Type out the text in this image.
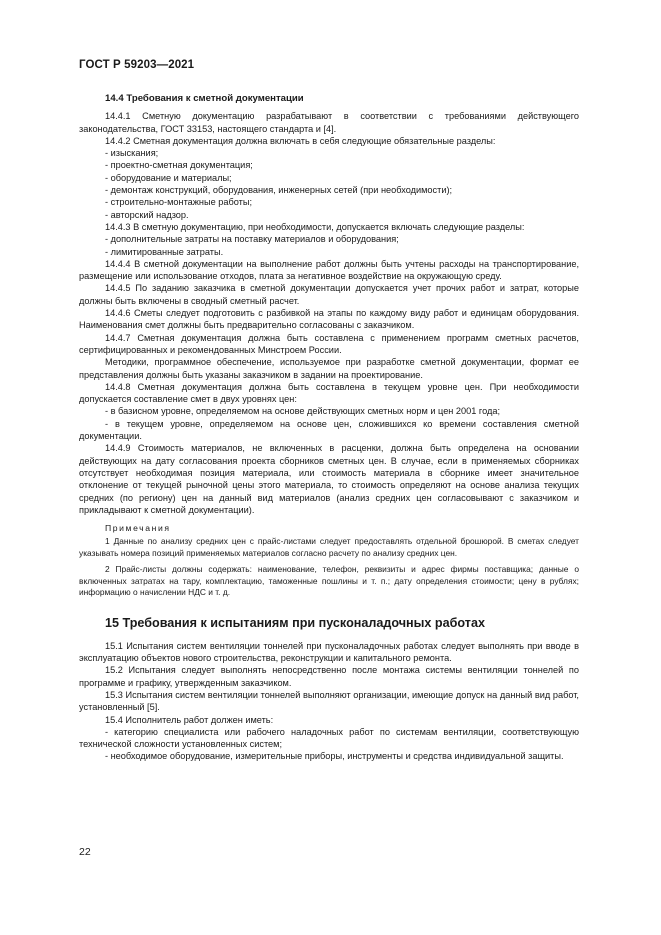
ГОСТ Р 59203—2021

14.4 Требования к сметной документации

14.4.1 Сметную документацию разрабатывают в соответствии с требованиями действующего законодательства, ГОСТ 33153, настоящего стандарта и [4].

14.4.2 Сметная документация должна включать в себя следующие обязательные разделы:

- изыскания;

- проектно-сметная документация;

- оборудование и материалы;

- демонтаж конструкций, оборудования, инженерных сетей (при необходимости);

- строительно-монтажные работы;

- авторский надзор.

14.4.3 В сметную документацию, при необходимости, допускается включать следующие разделы:

- дополнительные затраты на поставку материалов и оборудования;

- лимитированные затраты.

14.4.4 В сметной документации на выполнение работ должны быть учтены расходы на транспортирование, размещение или использование отходов, плата за негативное воздействие на окружающую среду.

14.4.5 По заданию заказчика в сметной документации допускается учет прочих работ и затрат, которые должны быть включены в сводный сметный расчет.

14.4.6 Сметы следует подготовить с разбивкой на этапы по каждому виду работ и единицам оборудования. Наименования смет должны быть предварительно согласованы с заказчиком.

14.4.7 Сметная документация должна быть составлена с применением программ сметных расчетов, сертифицированных и рекомендованных Минстроем России.

Методики, программное обеспечение, используемое при разработке сметной документации, формат ее представления должны быть указаны заказчиком в задании на проектирование.

14.4.8 Сметная документация должна быть составлена в текущем уровне цен. При необходимости допускается составление смет в двух уровнях цен:

- в базисном уровне, определяемом на основе действующих сметных норм и цен 2001 года;

- в текущем уровне, определяемом на основе цен, сложившихся ко времени составления сметной документации.

14.4.9 Стоимость материалов, не включенных в расценки, должна быть определена на основании действующих на дату согласования проекта сборников сметных цен. В случае, если в применяемых сборниках отсутствует необходимая позиция материала, или стоимость материала в сборнике имеет значительное отклонение от текущей рыночной цены этого материала, то стоимость определяют на основе анализа текущих средних (по региону) цен на данный вид материалов (анализ средних цен согласовывают с заказчиком и прикладывают к сметной документации).

Примечания

1 Данные по анализу средних цен с прайс-листами следует предоставлять отдельной брошюрой. В сметах следует указывать номера позиций применяемых материалов согласно расчету по анализу средних цен.

2 Прайс-листы должны содержать: наименование, телефон, реквизиты и адрес фирмы поставщика; данные о включенных затратах на тару, комплектацию, таможенные пошлины и т. п.; дату определения стоимости; цену в рублях; информацию о начислении НДС и т. д.

15 Требования к испытаниям при пусконаладочных работах

15.1 Испытания систем вентиляции тоннелей при пусконаладочных работах следует выполнять при вводе в эксплуатацию объектов нового строительства, реконструкции и капитального ремонта.

15.2 Испытания следует выполнять непосредственно после монтажа системы вентиляции тоннелей по программе и графику, утвержденным заказчиком.

15.3 Испытания систем вентиляции тоннелей выполняют организации, имеющие допуск на данный вид работ, установленный [5].

15.4 Исполнитель работ должен иметь:

- категорию специалиста или рабочего наладочных работ по системам вентиляции, соответствующую технической сложности установленных систем;

- необходимое оборудование, измерительные приборы, инструменты и средства индивидуальной защиты.

22
